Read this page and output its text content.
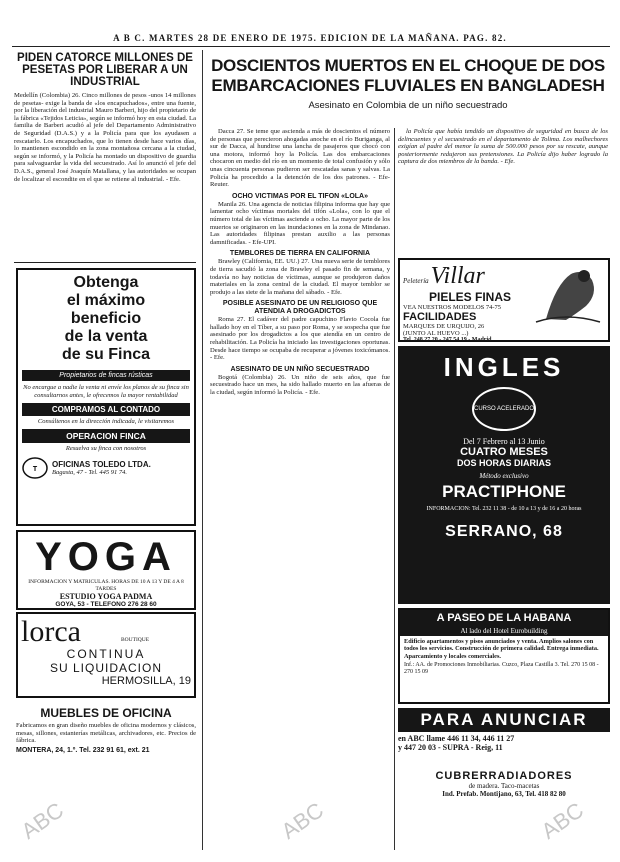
A B C. MARTES 28 DE ENERO DE 1975. EDICION DE LA MAÑANA. PAG. 82.
PIDEN CATORCE MILLONES DE PESETAS POR LIBERAR A UN INDUSTRIAL
Medellín (Colombia) 26. Cinco millones de pesos -unos 14 millones de pesetas- exige la banda de «los encapuchados», entre una fuente, por la liberación del industrial Mauro Barberi, hijo del propietario de la fábrica «Tejidos Leticia», según se informó hoy en esta ciudad. La familia de Barberi acudió al jefe del Departamento Administrativo de Seguridad (D.A.S.) y a la Policía para que los ayudasen a rescatarlo. Los encapuchados, que lo tienen desde hace varios días, lo mantienen escondido en la zona montañosa cercana a la ciudad, según se informó, y la Policía ha montado un dispositivo de guardia para salvaguardar la vida del secuestrado. Así lo anunció el jefe del D.A.S., general José Joaquín Matallana, y las autoridades se ocupan de localizar el escondite en el que se retiene al industrial. - Efe.
Obtenga
el máximo
beneficio
de la venta
de su Finca
Propietarios de fincas rústicas
No encargue a nadie la venta ni envíe los planos de su finca sin consultarnos antes, le ofrecemos la mayor rentabilidad
COMPRAMOS AL CONTADO
Consúltenos en la dirección indicada, le visitaremos
OPERACION FINCA
Resuelva su finca con nosotros
T
OFICINAS TOLEDO LTDA.
Bagasta, 47 - Tel. 445 91 74.
YOGA
INFORMACION Y MATRICULAS. HORAS DE 10 A 13 Y DE 4 A 8 TARDES
ESTUDIO YOGA PADMA
GOYA, 53 - TELEFONO 276 28 60
lorca	BOUTIQUE
CONTINUA
SU LIQUIDACION
HERMOSILLA, 19
MUEBLES DE OFICINA
Fabricamos en gran diseño muebles de oficina modernos y clásicos, mesas, sillones, estanterías metálicas, archivadores, etc. Precios de fábrica.
MONTERA, 24, 1.º. Tel. 232 91 61, ext. 21
DOSCIENTOS MUERTOS EN EL CHOQUE DE DOS EMBARCACIONES FLUVIALES EN BANGLADESH
Asesinato en Colombia de un niño secuestrado

Dacca 27. Se teme que ascienda a más de doscientos el número de personas que perecieron ahogadas anoche en el río Buriganga, al sur de Dacca, al hundirse una lancha de pasajeros que chocó con una motora, informó hoy la Policía. Las dos embarcaciones chocaron en medio del río en un momento de total confusión y sólo unas cincuenta personas pudieron ser rescatadas sanas y salvas. La Policía ha procedido a la detención de los dos patrones. - Efe-Reuter.

OCHO VICTIMAS POR EL TIFON «LOLA»

Manila 26. Una agencia de noticias filipina informa que hay que lamentar ocho víctimas mortales del tifón «Lola», con lo que el número total de las víctimas asciende a ocho. La mayor parte de los muertos se originaron en las inundaciones en la zona de Mindanao. Las autoridades filipinas prestan auxilio a las personas damnificadas. - Efe-UPI.

TEMBLORES DE TIERRA EN CALIFORNIA

Brawley (California, EE. UU.) 27. Una nueva serie de temblores de tierra sacudió la zona de Brawley el pasado fin de semana, y todavía no hay noticias de víctimas, aunque se produjeron daños materiales en la zona central de la ciudad. El mayor temblor se produjo a las siete de la mañana del sábado. - Efe.

POSIBLE ASESINATO DE UN RELIGIOSO QUE ATENDIA A DROGADICTOS

Roma 27. El cadáver del padre capuchino Flavio Cocola fue hallado hoy en el Tíber, a su paso por Roma, y se sospecha que fue asesinado por los drogadictos a los que atendía en un centro de rehabilitación. La Policía ha iniciado las investigaciones oportunas. Desde hace tiempo se ocupaba de recuperar a jóvenes toxicómanos. - Efe.

ASESINATO DE UN NIÑO SECUESTRADO

Bogotá (Colombia) 26. Un niño de seis años, que fue secuestrado hace un mes, ha sido hallado muerto en las afueras de la ciudad, según informó la Policía. - Efe.

la Policía que había tendido un dispositivo de seguridad en busca de los delincuentes y el secuestrado en el departamento de Tolima. Los malhechores exigían al padre del menor la suma de 500.000 pesos por su rescate, aunque posteriormente redujeron sus pretensiones. La Policía dijo haber logrado la captura de dos miembros de la banda. - Efe.

Peletería Villar
PIELES FINAS
VEA NUESTROS MODELOS 74-75
FACILIDADES
MARQUES DE URQUIJO, 26
(JUNTO AL HUEVO ...)
Tel. 248 27 20 - 247 54 19 - Madrid
INGLES
CURSO ACELERADO
Del 7 Febrero al 13 Junio
CUATRO MESES
DOS HORAS DIARIAS
Método exclusivo
PRACTIPHONE
INFORMACION: Tel. 232 11 38 - de 10 a 13 y de 16 a 20 horas
SERRANO, 68
A PASEO DE LA HABANA
Al lado del Hotel Eurobuilding
Edificio apartamentos y pisos anunciados y venta. Amplios salones con todos los servicios. Construcción de primera calidad. Entrega inmediata. Aparcamiento y locales comerciales.
Inf.: AA. de Promociones Inmobiliarias. Cuzco, Plaza Castilla 3. Tel. 270 15 08 - 270 15 09
PARA ANUNCIAR
en ABC llame 446 11 34, 446 11 27
y 447 20 03 - SUPRA - Reig, 11
CUBRERRADIADORES
de madera. Taco-macetas
Ind. Prefab. Montijano, 63, Tel. 418 82 80
ABC	ABC	ABC
